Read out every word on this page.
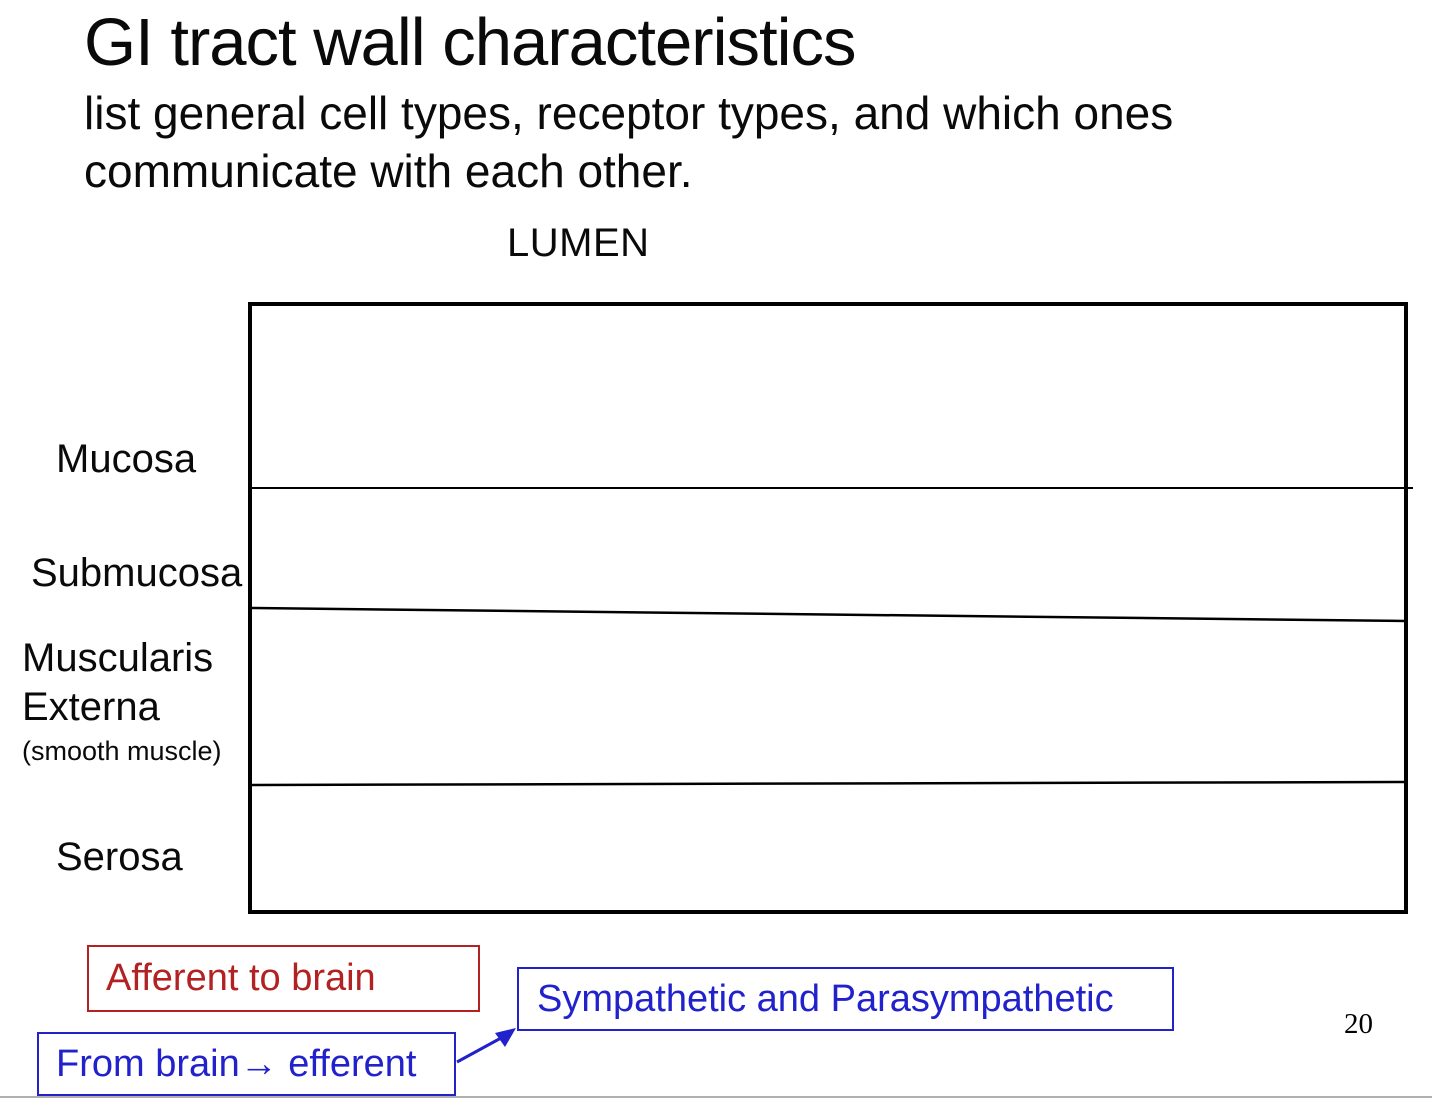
GI tract wall characteristics
list general cell types, receptor types, and which ones
communicate with each other.
LUMEN
Mucosa
Submucosa
Muscularis
Externa
(smooth muscle)
Serosa
Afferent to brain	Sympathetic and Parasympathetic
From brain→ efferent
20
